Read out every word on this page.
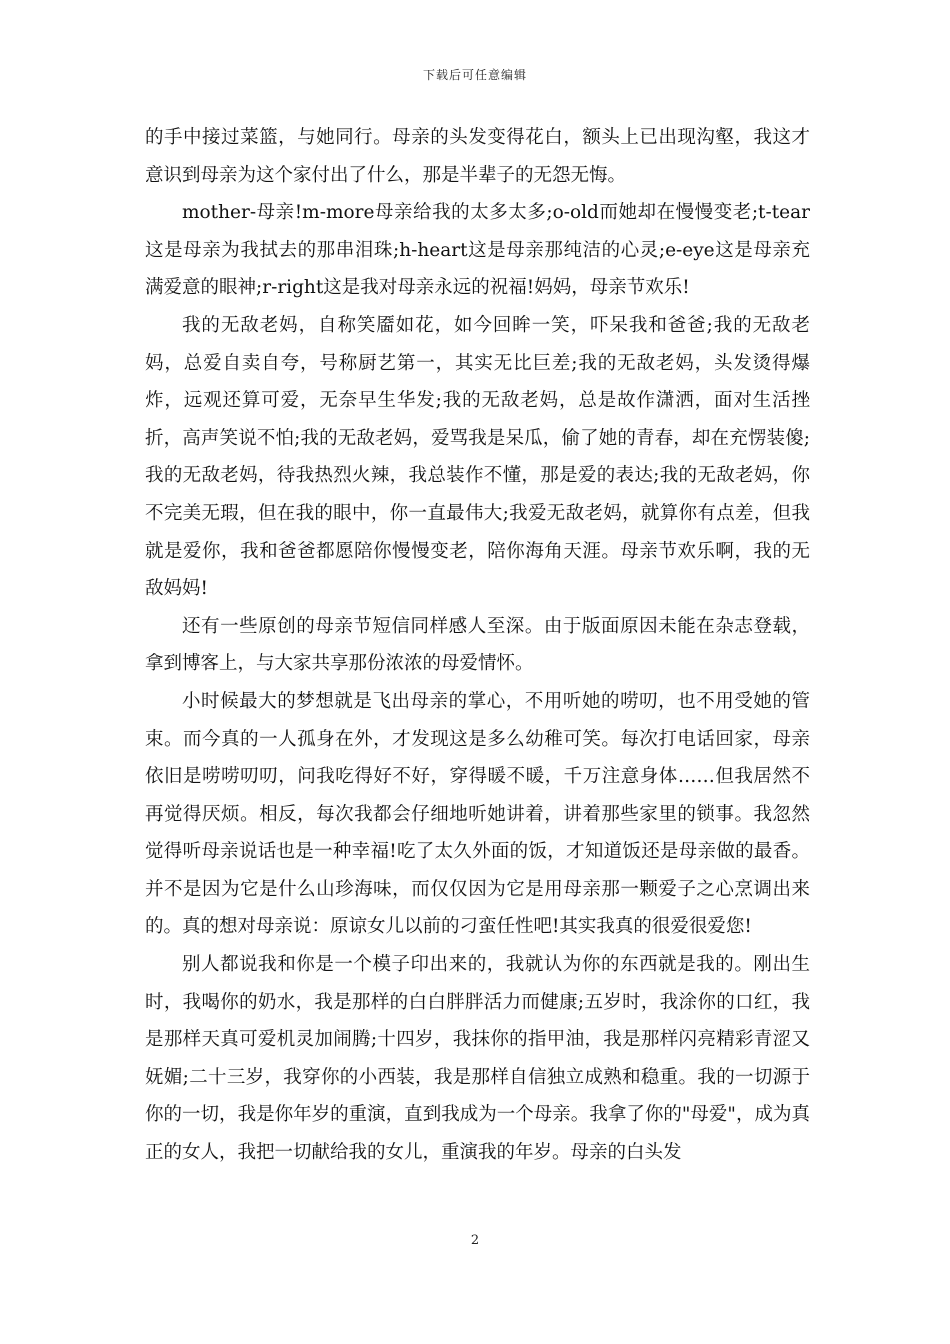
下载后可任意编辑

的手中接过菜篮，与她同行。母亲的头发变得花白，额头上已出现沟壑，我这才意识到母亲为这个家付出了什么，那是半辈子的无怨无悔。

mother-母亲!m-more母亲给我的太多太多;o-old而她却在慢慢变老;t-tear这是母亲为我拭去的那串泪珠;h-heart这是母亲那纯洁的心灵;e-eye这是母亲充满爱意的眼神;r-right这是我对母亲永远的祝福!妈妈，母亲节欢乐!

我的无敌老妈，自称笑靥如花，如今回眸一笑，吓呆我和爸爸;我的无敌老妈，总爱自卖自夸，号称厨艺第一，其实无比巨差;我的无敌老妈，头发烫得爆炸，远观还算可爱，无奈早生华发;我的无敌老妈，总是故作潇洒，面对生活挫折，高声笑说不怕;我的无敌老妈，爱骂我是呆瓜，偷了她的青春，却在充愣装傻;我的无敌老妈，待我热烈火辣，我总装作不懂，那是爱的表达;我的无敌老妈，你不完美无瑕，但在我的眼中，你一直最伟大;我爱无敌老妈，就算你有点差，但我就是爱你，我和爸爸都愿陪你慢慢变老，陪你海角天涯。母亲节欢乐啊，我的无敌妈妈!

还有一些原创的母亲节短信同样感人至深。由于版面原因未能在杂志登载，拿到博客上，与大家共享那份浓浓的母爱情怀。

小时候最大的梦想就是飞出母亲的掌心，不用听她的唠叨，也不用受她的管束。而今真的一人孤身在外，才发现这是多么幼稚可笑。每次打电话回家，母亲依旧是唠唠叨叨，问我吃得好不好，穿得暖不暖，千万注意身体……但我居然不再觉得厌烦。相反，每次我都会仔细地听她讲着，讲着那些家里的锁事。我忽然觉得听母亲说话也是一种幸福!吃了太久外面的饭，才知道饭还是母亲做的最香。并不是因为它是什么山珍海味，而仅仅因为它是用母亲那一颗爱子之心烹调出来的。真的想对母亲说：原谅女儿以前的刁蛮任性吧!其实我真的很爱很爱您!

别人都说我和你是一个模子印出来的，我就认为你的东西就是我的。刚出生时，我喝你的奶水，我是那样的白白胖胖活力而健康;五岁时，我涂你的口红，我是那样天真可爱机灵加闹腾;十四岁，我抹你的指甲油，我是那样闪亮精彩青涩又妩媚;二十三岁，我穿你的小西装，我是那样自信独立成熟和稳重。我的一切源于你的一切，我是你年岁的重演，直到我成为一个母亲。我拿了你的"母爱"，成为真正的女人，我把一切献给我的女儿，重演我的年岁。母亲的白头发

2
